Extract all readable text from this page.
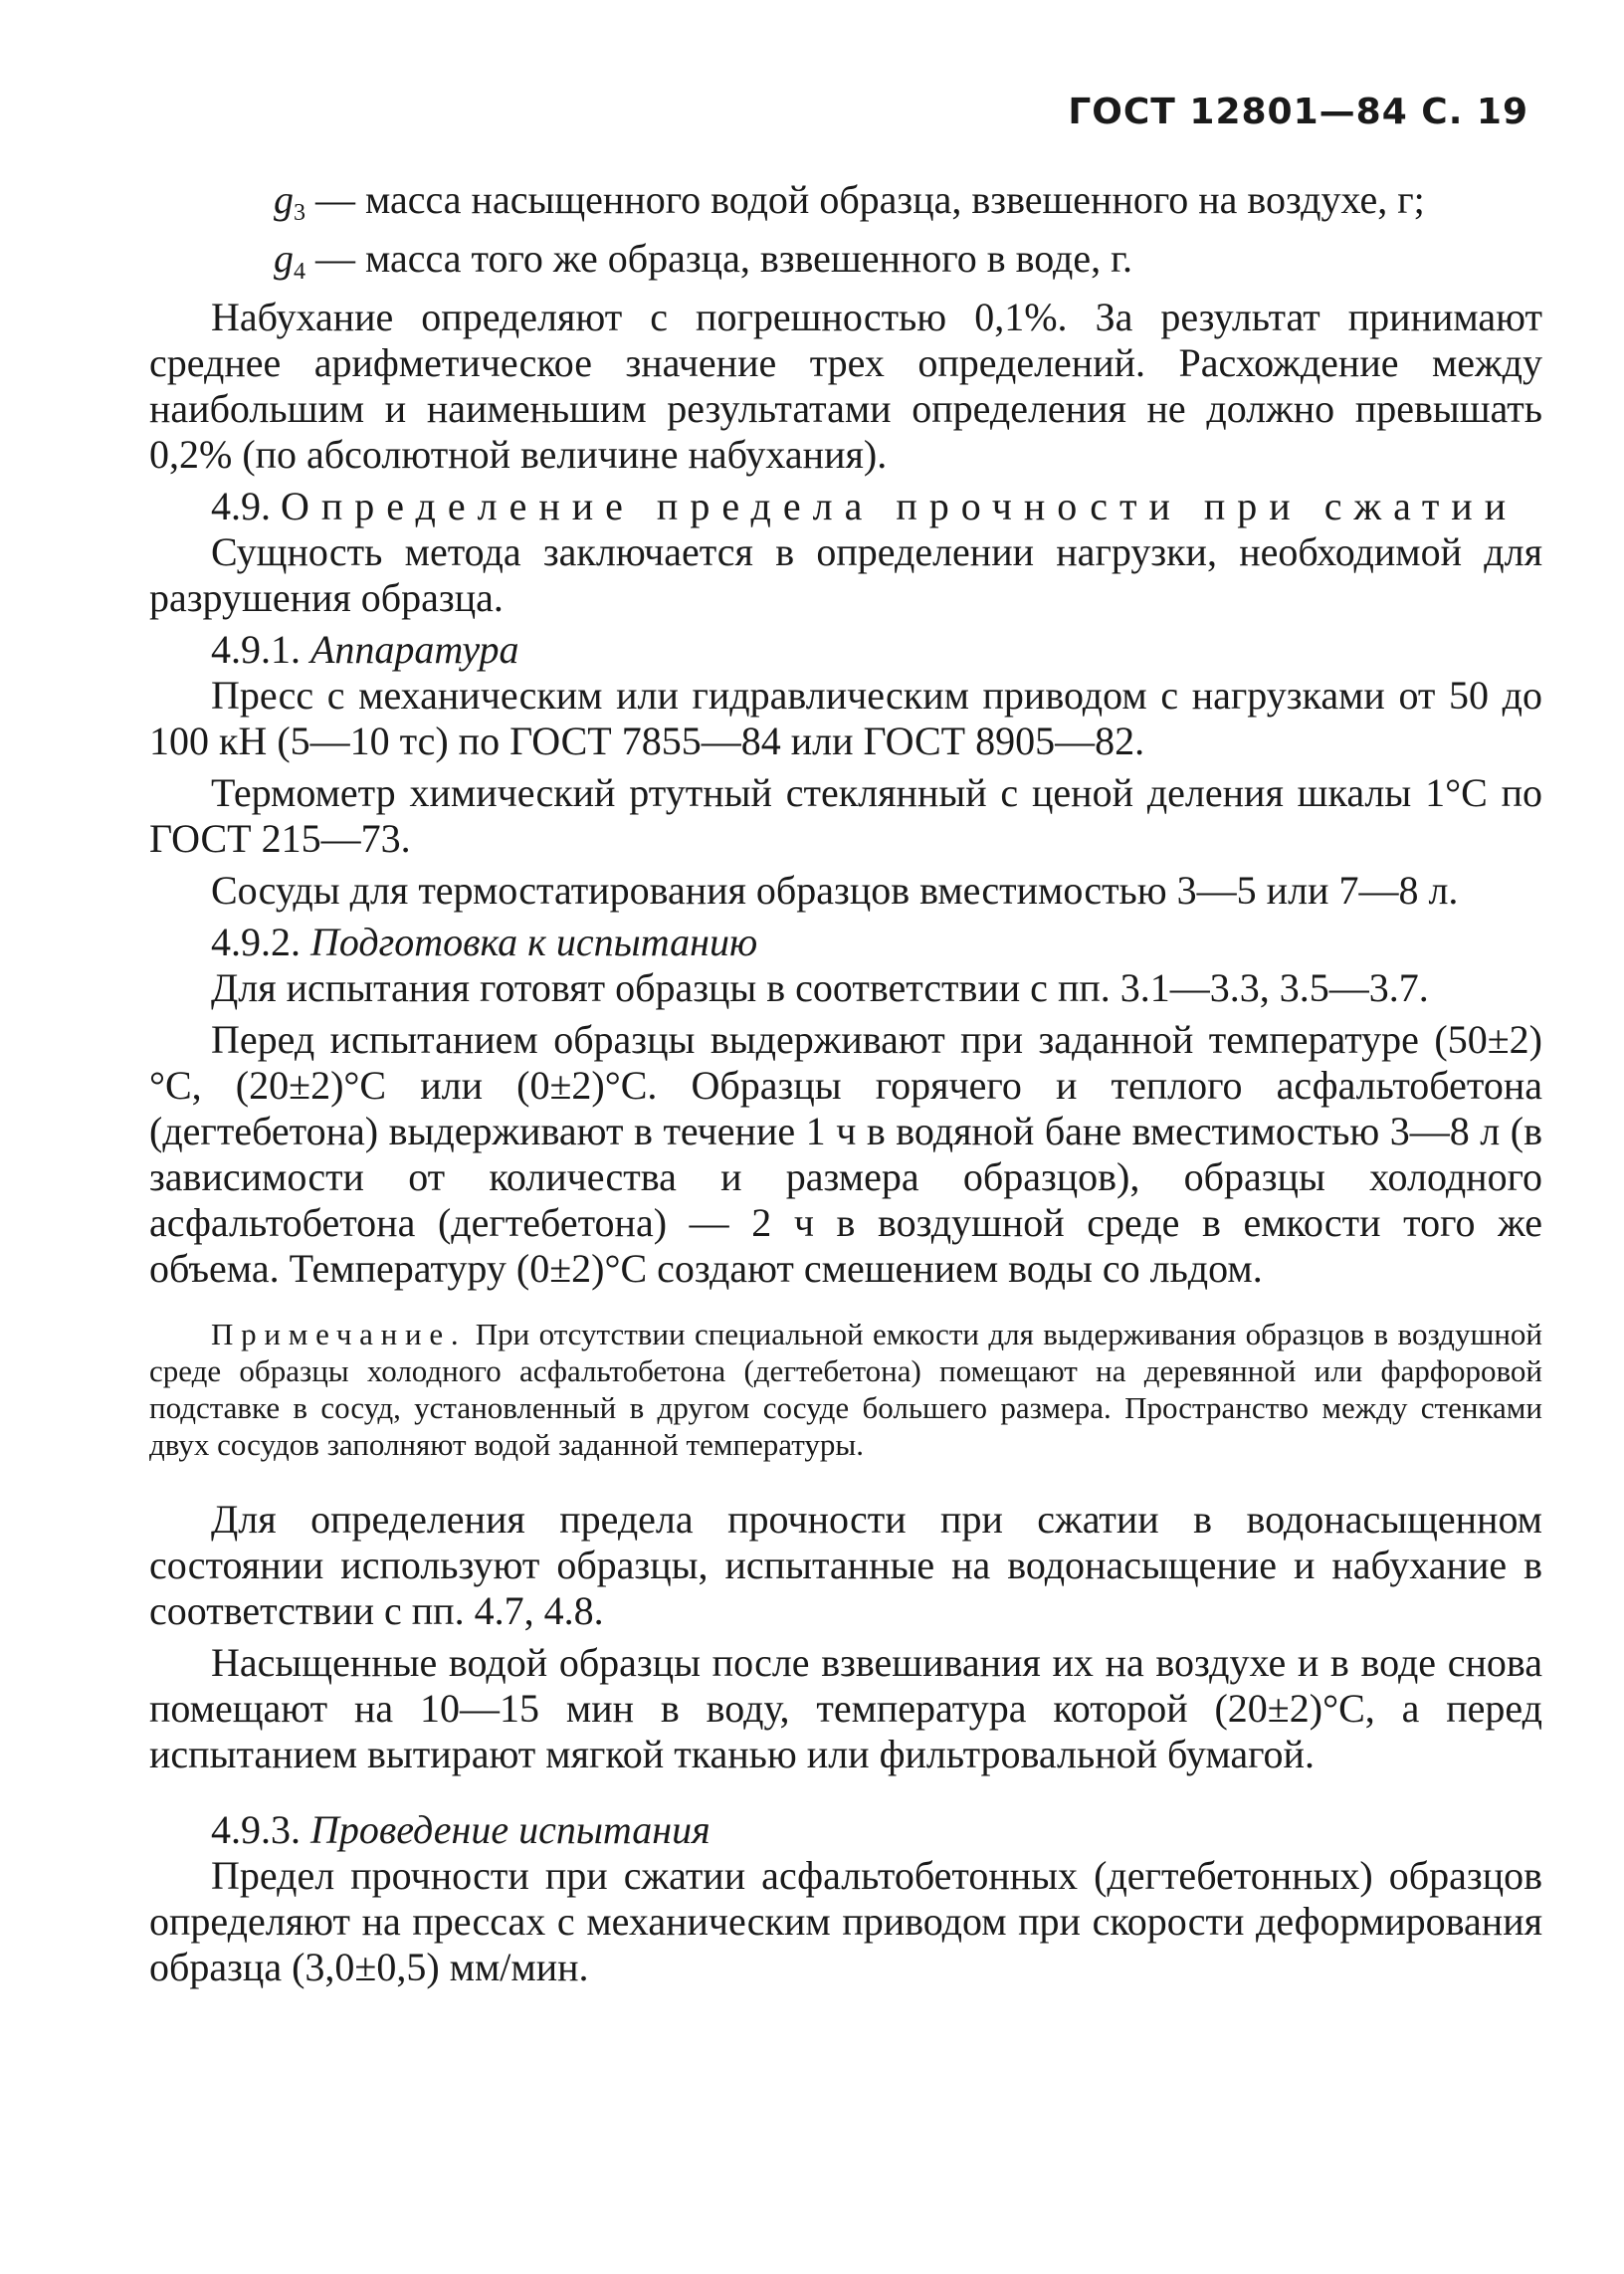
ГОСТ 12801—84 С. 19

$g_3$ — масса насыщенного водой образца, взвешенного на воздухе, г;

$g_4$ — масса того же образца, взвешенного в воде, г.

Набухание определяют с погрешностью 0,1%. За результат принимают среднее арифметическое значение трех определений. Расхождение между наибольшим и наименьшим результатами определения не должно превышать 0,2% (по абсолютной величине набухания).

4.9. Определение предела прочности при сжатии

Сущность метода заключается в определении нагрузки, необходимой для разрушения образца.

4.9.1. Аппаратура

Пресс с механическим или гидравлическим приводом с нагрузками от 50 до 100 кН (5—10 тс) по ГОСТ 7855—84 или ГОСТ 8905—82.

Термометр химический ртутный стеклянный с ценой деления шкалы 1°С по ГОСТ 215—73.

Сосуды для термостатирования образцов вместимостью 3—5 или 7—8 л.

4.9.2. Подготовка к испытанию

Для испытания готовят образцы в соответствии с пп. 3.1—3.3, 3.5—3.7.

Перед испытанием образцы выдерживают при заданной температуре (50±2)°С, (20±2)°С или (0±2)°С. Образцы горячего и теплого асфальтобетона (дегтебетона) выдерживают в течение 1 ч в водяной бане вместимостью 3—8 л (в зависимости от количества и размера образцов), образцы холодного асфальтобетона (дегтебетона) — 2 ч в воздушной среде в емкости того же объема. Температуру (0±2)°С создают смешением воды со льдом.

Примечание. При отсутствии специальной емкости для выдерживания образцов в воздушной среде образцы холодного асфальтобетона (дегтебетона) помещают на деревянной или фарфоровой подставке в сосуд, установленный в другом сосуде большего размера. Пространство между стенками двух сосудов заполняют водой заданной температуры.

Для определения предела прочности при сжатии в водонасыщенном состоянии используют образцы, испытанные на водонасыщение и набухание в соответствии с пп. 4.7, 4.8.

Насыщенные водой образцы после взвешивания их на воздухе и в воде снова помещают на 10—15 мин в воду, температура которой (20±2)°С, а перед испытанием вытирают мягкой тканью или фильтровальной бумагой.

4.9.3. Проведение испытания

Предел прочности при сжатии асфальтобетонных (дегтебетонных) образцов определяют на прессах с механическим приводом при скорости деформирования образца (3,0±0,5) мм/мин.
